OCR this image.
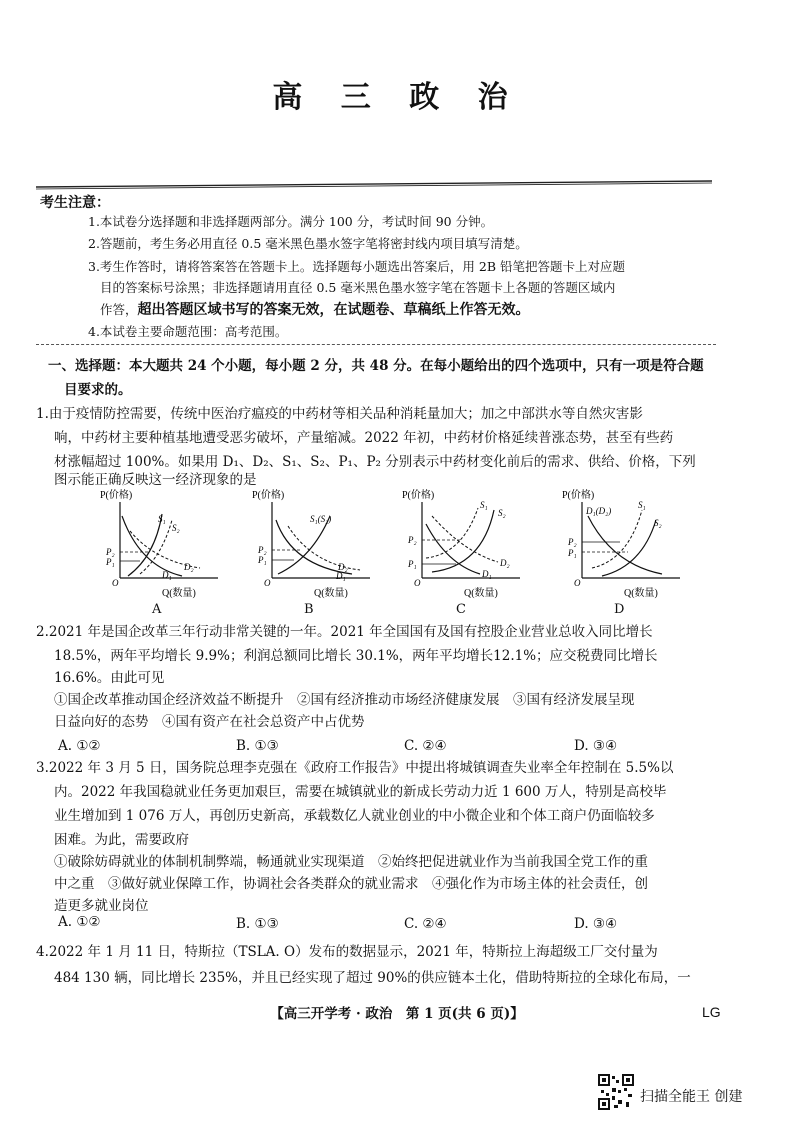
高 三 政 治
考生注意：
1.本试卷分选择题和非选择题两部分。满分 100 分，考试时间 90 分钟。
2.答题前，考生务必用直径 0.5 毫米黑色墨水签字笔将密封线内项目填写清楚。
3.考生作答时，请将答案答在答题卡上。选择题每小题选出答案后，用 2B 铅笔把答题卡上对应题
目的答案标号涂黑；非选择题请用直径 0.5 毫米黑色墨水签字笔在答题卡上各题的答题区域内
作答，超出答题区域书写的答案无效，在试题卷、草稿纸上作答无效。
4.本试卷主要命题范围：高考范围。
一、选择题：本大题共 24 个小题，每小题 2 分，共 48 分。在每小题给出的四个选项中，只有一项是符合题
目要求的。
1.由于疫情防控需要，传统中医治疗瘟疫的中药材等相关品种消耗量加大；加之中部洪水等自然灾害影
响，中药材主要种植基地遭受恶劣破坏，产量缩减。2022 年初，中药材价格延续普涨态势，甚至有些药
材涨幅超过 100%。如果用 D₁、D₂、S₁、S₂、P₁、P₂ 分别表示中药材变化前后的需求、供给、价格，下列
图示能正确反映这一经济现象的是
P(价格)
O
Q(数量)
P₂
P₁
S₁
S₂
D₂
D₁
A
P(价格)
O
Q(数量)
P₂
P₁
S₁(S₂)
D₂
D₁
B
P(价格)
O
Q(数量)
P₂
P₁
S₁
S₂
D₂
D₁
C
P(价格)
O
Q(数量)
P₂
P₁
D₁(D₂)
S₁
S₂
D
2.2021 年是国企改革三年行动非常关键的一年。2021 年全国国有及国有控股企业营业总收入同比增长
18.5%，两年平均增长 9.9%；利润总额同比增长 30.1%，两年平均增长12.1%；应交税费同比增长
16.6%。由此可见
①国企改革推动国企经济效益不断提升　②国有经济推动市场经济健康发展　③国有经济发展呈现
日益向好的态势　④国有资产在社会总资产中占优势
A. ①②	B. ①③	C. ②④	D. ③④
3.2022 年 3 月 5 日，国务院总理李克强在《政府工作报告》中提出将城镇调查失业率全年控制在 5.5%以
内。2022 年我国稳就业任务更加艰巨，需要在城镇就业的新成长劳动力近 1 600 万人，特别是高校毕
业生增加到 1 076 万人，再创历史新高，承载数亿人就业创业的中小微企业和个体工商户仍面临较多
困难。为此，需要政府
①破除妨碍就业的体制机制弊端，畅通就业实现渠道　②始终把促进就业作为当前我国全党工作的重
中之重　③做好就业保障工作，协调社会各类群众的就业需求　④强化作为市场主体的社会责任，创
造更多就业岗位
A. ①②	B. ①③	C. ②④	D. ③④
4.2022 年 1 月 11 日，特斯拉（TSLA. O）发布的数据显示，2021 年，特斯拉上海超级工厂交付量为
484 130 辆，同比增长 235%，并且已经实现了超过 90%的供应链本土化，借助特斯拉的全球化布局，一
【高三开学考 · 政治　第 1 页(共 6 页)】	LG
扫描全能王 创建
